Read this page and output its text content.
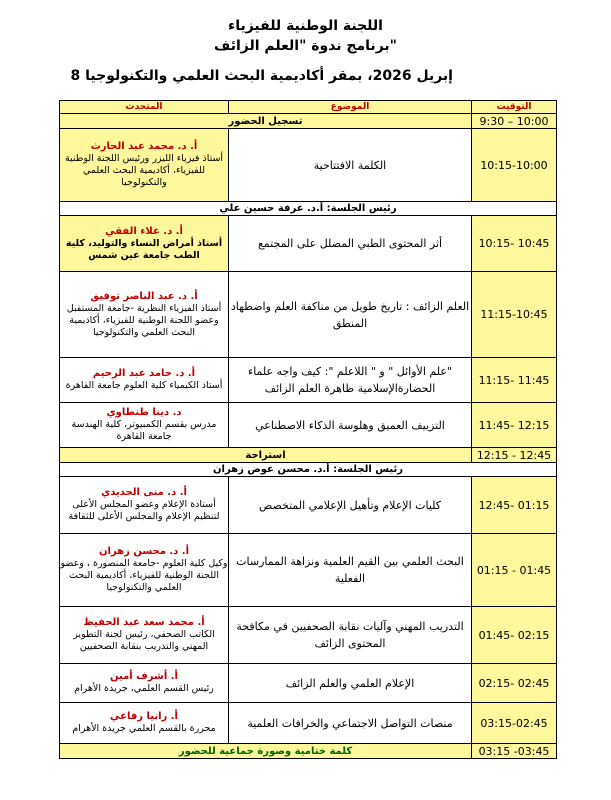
اللجنة الوطنية للفيزياء
برنامج ندوة "العلم الزائف"
8 إبريل 2026، بمقر أكاديمية البحث العلمي والتكنولوجيا
التوقيت	الموضوع	المتحدث
10:00 – 9:30	تسجيل الحضور	
10:15-10:00	الكلمة الافتتاحية	أ. د. محمد عبد الحارث
أستاذ فيزياء الليزر ورئيس اللجنة الوطنية للفيزياء، أكاديمية البحث العلمي والتكنولوجيا

رئيس الجلسة: أ.د. عرفة حسين علي		
10:45 -10:15	أثر المحتوى الطبي المضلل على المجتمع	أ. د. علاء الفقي
أستاذ أمراض النساء والتوليد، كلية الطب جامعة عين شمس

11:15-10:45	العلم الزائف : تاريخ طويل من مناكفة العلم واضطهاد المنطق	أ. د. عبد الناصر توفيق
أستاذ الفيزياء النظرية -جامعة المستقبل وعضو اللجنة الوطنية للفيزياء، أكاديمية البحث العلمي والتكنولوجيا

11:45 -11:15	"علم الأوائل " و " اللاعلم ": كيف واجه علماء الحضارةالإسلامية ظاهرة العلم الزائف	أ. د. حامد عبد الرحيم
أستاذ الكيمياء كلية العلوم جامعة القاهرة

12:15 -11:45	التزييف العميق وهلوسة الذكاء الاصطناعي	د. دينا طنطاوي
مدرس بقسم الكمبيوتر، كلية الهندسة جامعة القاهرة

12:45 - 12:15	استراحة	
رئيس الجلسة: أ.د. محسن عوض زهران		
01:15 -12:45	كليات الإعلام وتأهيل الإعلامي المتخصص	أ. د. منى الحديدي
أستاذة الإعلام وعضو المجلس الأعلى لتنظيم الإعلام والمجلس الأعلى للثقافة

01:45 - 01:15	البحث العلمي بين القيم العلمية ونزاهة الممارسات الفعلية	أ. د. محسن زهران
وكيل كلية العلوم -جامعة المنصورة ، وعضو اللجنة الوطنية للفيزياء، أكاديمية البحث العلمي والتكنولوجيا

02:15 -01:45	التدريب المهني وآليات نقابة الصحفيين في مكافحة المحتوى الزائف	أ. محمد سعد عبد الحفيظ
الكاتب الصحفي، رئيس لجنة التطوير المهني والتدريب بنقابة الصحفيين

02:45 -02:15	الإعلام العلمي والعلم الزائف	أ. أشرف أمين
رئيس القسم العلمي، جريدة الأهرام

03:15-02:45	منصات التواصل الاجتماعي والخرافات العلمية	أ. رانيا رفاعي
محررة بالقسم العلمي جريدة الأهرام

03:45- 03:15	كلمة ختامية وصورة جماعية للحضور	
